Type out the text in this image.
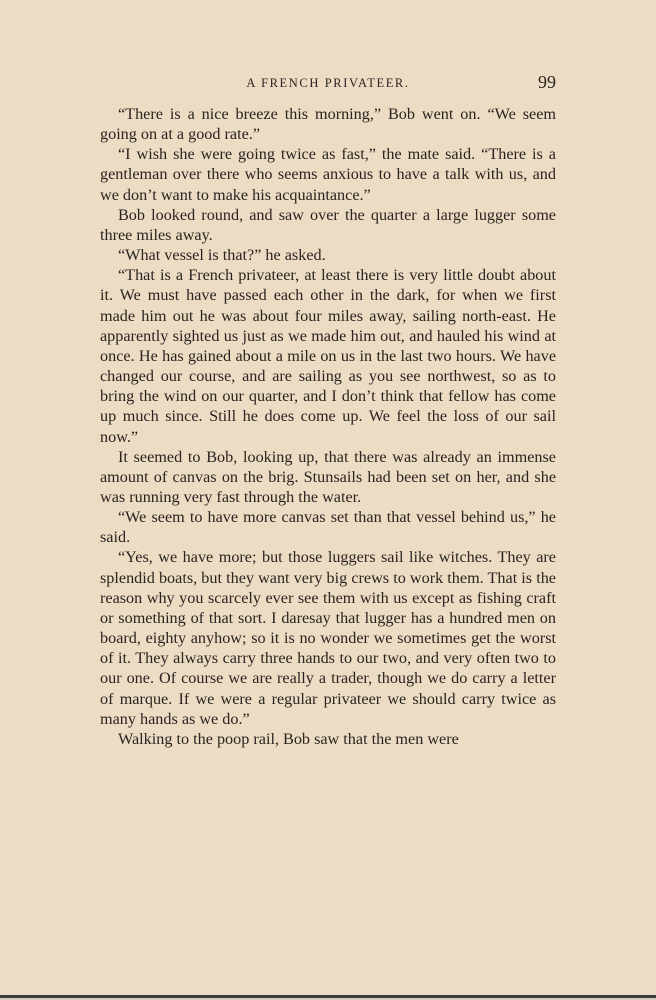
A FRENCH PRIVATEER.	99

“There is a nice breeze this morning,” Bob went on. “We seem going on at a good rate.”

“I wish she were going twice as fast,” the mate said. “There is a gentleman over there who seems anxious to have a talk with us, and we don’t want to make his acquaintance.”

Bob looked round, and saw over the quarter a large lugger some three miles away.

“What vessel is that?” he asked.

“That is a French privateer, at least there is very little doubt about it. We must have passed each other in the dark, for when we first made him out he was about four miles away, sailing north-east. He apparently sighted us just as we made him out, and hauled his wind at once. He has gained about a mile on us in the last two hours. We have changed our course, and are sailing as you see northwest, so as to bring the wind on our quarter, and I don’t think that fellow has come up much since. Still he does come up. We feel the loss of our sail now.”

It seemed to Bob, looking up, that there was already an immense amount of canvas on the brig. Stunsails had been set on her, and she was running very fast through the water.

“We seem to have more canvas set than that vessel behind us,” he said.

“Yes, we have more; but those luggers sail like witches. They are splendid boats, but they want very big crews to work them. That is the reason why you scarcely ever see them with us except as fishing craft or something of that sort. I daresay that lugger has a hundred men on board, eighty anyhow; so it is no wonder we sometimes get the worst of it. They always carry three hands to our two, and very often two to our one. Of course we are really a trader, though we do carry a letter of marque. If we were a regular privateer we should carry twice as many hands as we do.”

Walking to the poop rail, Bob saw that the men were
